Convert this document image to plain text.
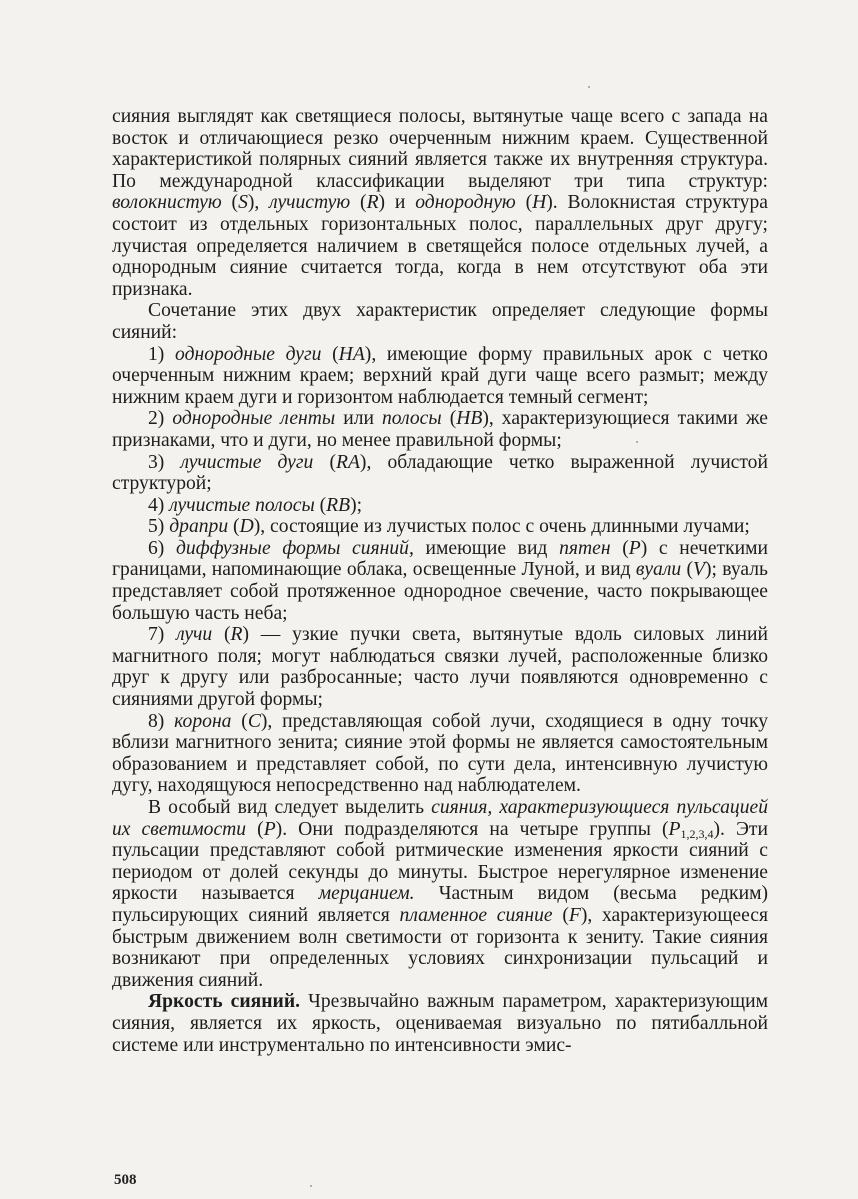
сияния выглядят как светящиеся полосы, вытянутые чаще всего с запада на восток и отличающиеся резко очерченным нижним краем. Существенной характеристикой полярных сияний является также их внутренняя структура. По международной классификации выделяют три типа структур: волокнистую (S), лучистую (R) и однородную (H). Волокнистая структура состоит из отдельных горизонтальных полос, параллельных друг другу; лучистая определяется наличием в светящейся полосе отдельных лучей, а однородным сияние считается тогда, когда в нем отсутствуют оба эти признака.

Сочетание этих двух характеристик определяет следующие формы сияний:

1) однородные дуги (HA), имеющие форму правильных арок с четко очерченным нижним краем; верхний край дуги чаще всего размыт; между нижним краем дуги и горизонтом наблюдается темный сегмент;

2) однородные ленты или полосы (HB), характеризующиеся такими же признаками, что и дуги, но менее правильной формы;

3) лучистые дуги (RA), обладающие четко выраженной лучистой структурой;

4) лучистые полосы (RB);

5) драпри (D), состоящие из лучистых полос с очень длинными лучами;

6) диффузные формы сияний, имеющие вид пятен (P) с нечеткими границами, напоминающие облака, освещенные Луной, и вид вуали (V); вуаль представляет собой протяженное однородное свечение, часто покрывающее большую часть неба;

7) лучи (R) — узкие пучки света, вытянутые вдоль силовых линий магнитного поля; могут наблюдаться связки лучей, расположенные близко друг к другу или разбросанные; часто лучи появляются одновременно с сияниями другой формы;

8) корона (C), представляющая собой лучи, сходящиеся в одну точку вблизи магнитного зенита; сияние этой формы не является самостоятельным образованием и представляет собой, по сути дела, интенсивную лучистую дугу, находящуюся непосредственно над наблюдателем.

В особый вид следует выделить сияния, характеризующиеся пульсацией их светимости (P). Они подразделяются на четыре группы $(P_{1,2,3,4})$. Эти пульсации представляют собой ритмические изменения яркости сияний с периодом от долей секунды до минуты. Быстрое нерегулярное изменение яркости называется мерцанием. Частным видом (весьма редким) пульсирующих сияний является пламенное сияние (F), характеризующееся быстрым движением волн светимости от горизонта к зениту. Такие сияния возникают при определенных условиях синхронизации пульсаций и движения сияний.

Яркость сияний. Чрезвычайно важным параметром, характеризующим сияния, является их яркость, оцениваемая визуально по пятибалльной системе или инструментально по интенсивности эмис-

508
